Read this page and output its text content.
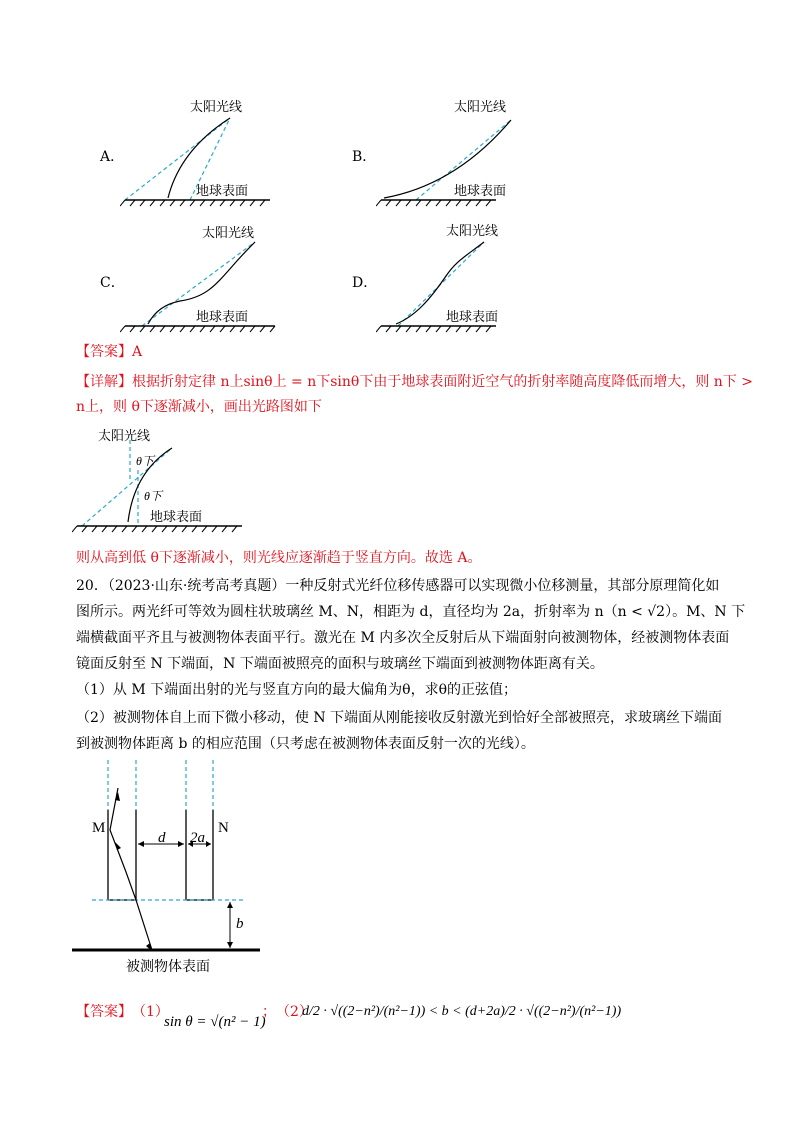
A．
太阳光线
地球表面
B．
太阳光线
地球表面
C．
太阳光线
地球表面
D．
太阳光线
地球表面
【答案】A
【详解】根据折射定律 n上sinθ上 = n下sinθ下由于地球表面附近空气的折射率随高度降低而增大，则 n下 >
n上，则 θ下逐渐减小，画出光路图如下
太阳光线
地球表面
θ下
θ下
则从高到低 θ下逐渐减小，则光线应逐渐趋于竖直方向。故选 A。
20．（2023·山东·统考高考真题）一种反射式光纤位移传感器可以实现微小位移测量，其部分原理简化如
图所示。两光纤可等效为圆柱状玻璃丝 M、N，相距为 d，直径均为 2a，折射率为 n（n < √2）。M、N 下
端横截面平齐且与被测物体表面平行。激光在 M 内多次全反射后从下端面射向被测物体，经被测物体表面
镜面反射至 N 下端面，N 下端面被照亮的面积与玻璃丝下端面到被测物体距离有关。
（1）从 M 下端面出射的光与竖直方向的最大偏角为θ，求θ的正弦值；
（2）被测物体自上而下微小移动，使 N 下端面从刚能接收反射激光到恰好全部被照亮，求玻璃丝下端面
到被测物体距离 b 的相应范围（只考虑在被测物体表面反射一次的光线）。
M	N
d 2a
b
被测物体表面
【答案】 （1）
sin θ = √(n² − 1)
； （2）
d/2 · √((2−n²)/(n²−1)) < b < (d+2a)/2 · √((2−n²)/(n²−1))
